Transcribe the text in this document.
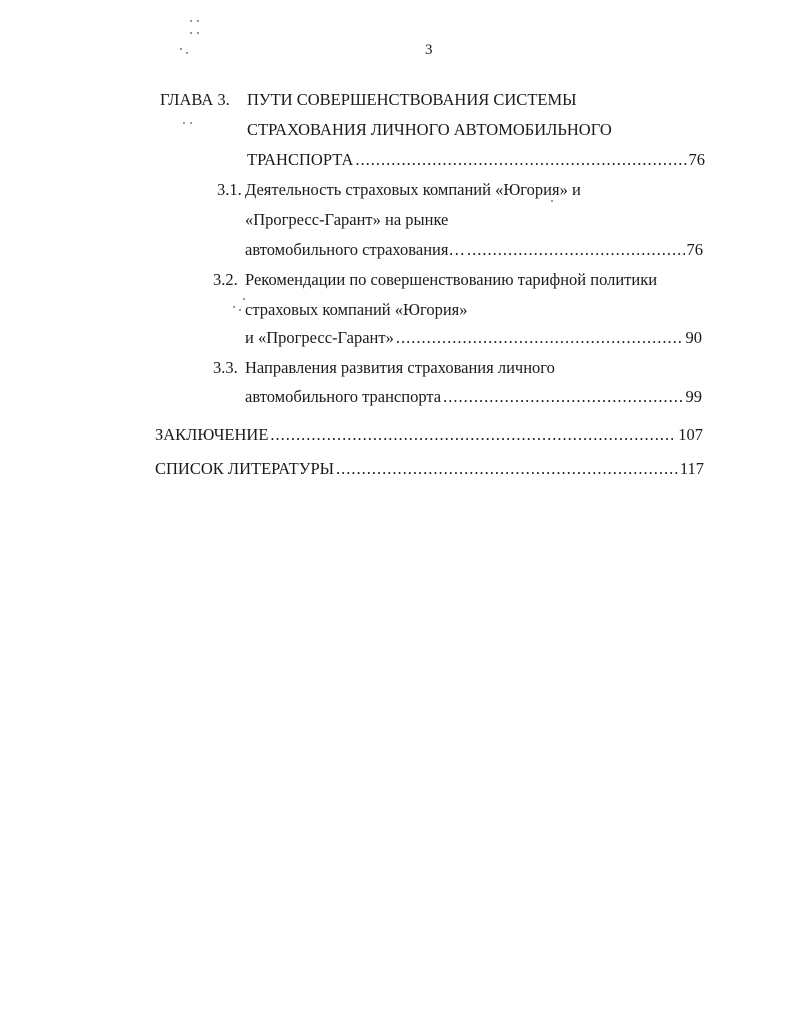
3
ГЛАВА 3. ПУТИ СОВЕРШЕНСТВОВАНИЯ СИСТЕМЫ
СТРАХОВАНИЯ ЛИЧНОГО АВТОМОБИЛЬНОГО
ТРАНСПОРТА .....	76
3.1. Деятельность страховых компаний «Югория» и
«Прогресс-Гарант» на рынке
автомобильного страхования… .....	76
3.2. Рекомендации по совершенствованию тарифной политики
страховых компаний «Югория»
и «Прогресс-Гарант» .....	90
3.3. Направления развития страхования личного
автомобильного транспорта .....	99
ЗАКЛЮЧЕНИЕ .....	107
СПИСОК ЛИТЕРАТУРЫ .....	117
